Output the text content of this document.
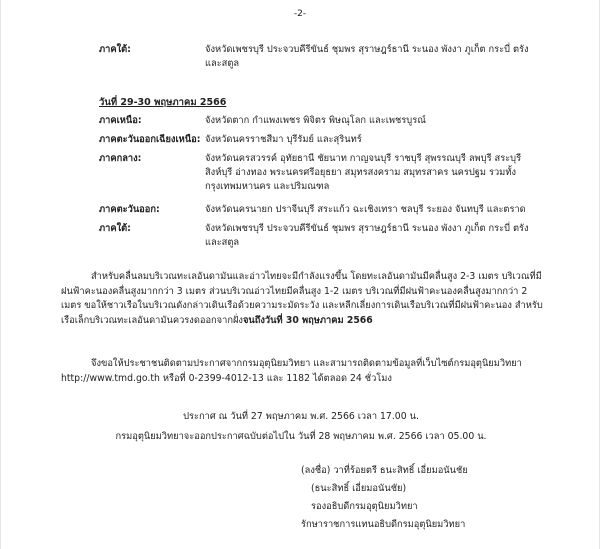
-2-
ภาคใต้:	จังหวัดเพชรบุรี ประจวบคีรีขันธ์ ชุมพร สุราษฎร์ธานี ระนอง พังงา ภูเก็ต กระบี่ ตรัง และสตูล
วันที่ 29-30 พฤษภาคม 2566
ภาคเหนือ:	จังหวัดตาก กำแพงเพชร พิจิตร พิษณุโลก และเพชรบูรณ์
ภาคตะวันออกเฉียงเหนือ: จังหวัดนครราชสีมา บุรีรัมย์ และสุรินทร์
ภาคกลาง:	จังหวัดนครสวรรค์ อุทัยธานี ชัยนาท กาญจนบุรี ราชบุรี สุพรรณบุรี ลพบุรี สระบุรี สิงห์บุรี อ่างทอง พระนครศรีอยุธยา สมุทรสงคราม สมุทรสาคร นครปฐม รวมทั้งกรุงเทพมหานคร และปริมณฑล
ภาคตะวันออก:	จังหวัดนครนายก ปราจีนบุรี สระแก้ว ฉะเชิงเทรา ชลบุรี ระยอง จันทบุรี และตราด
ภาคใต้:	จังหวัดเพชรบุรี ประจวบคีรีขันธ์ ชุมพร สุราษฎร์ธานี ระนอง พังงา ภูเก็ต กระบี่ ตรัง และสตูล
สำหรับคลื่นลมบริเวณทะเลอันดามันและอ่าวไทยจะมีกำลังแรงขึ้น โดยทะเลอันดามันมีคลื่นสูง 2-3 เมตร บริเวณที่มีฝนฟ้าคะนองคลื่นสูงมากกว่า 3 เมตร ส่วนบริเวณอ่าวไทยมีคลื่นสูง 1-2 เมตร บริเวณที่มีฝนฟ้าคะนองคลื่นสูงมากกว่า 2 เมตร ขอให้ชาวเรือในบริเวณดังกล่าวเดินเรือด้วยความระมัดระวัง และหลีกเลี่ยงการเดินเรือบริเวณที่มีฝนฟ้าคะนอง สำหรับเรือเล็กบริเวณทะเลอันดามันควรงดออกจากฝั่งจนถึงวันที่ 30 พฤษภาคม 2566
จึงขอให้ประชาชนติดตามประกาศจากกรมอุตุนิยมวิทยา และสามารถติดตามข้อมูลที่เว็บไซต์กรมอุตุนิยมวิทยา http://www.tmd.go.th หรือที่ 0-2399-4012-13 และ 1182 ได้ตลอด 24 ชั่วโมง
ประกาศ ณ วันที่ 27 พฤษภาคม พ.ศ. 2566 เวลา 17.00 น.
กรมอุตุนิยมวิทยาจะออกประกาศฉบับต่อไปใน วันที่ 28 พฤษภาคม พ.ศ. 2566 เวลา 05.00 น.
(ลงชื่อ) วาที่ร้อยตรี ธนะสิทธิ์ เอี่ยมอนันชัย
(ธนะสิทธิ์ เอี่ยมอนันชัย)
รองอธิบดีกรมอุตุนิยมวิทยา
รักษาราชการแทนอธิบดีกรมอุตุนิยมวิทยา
